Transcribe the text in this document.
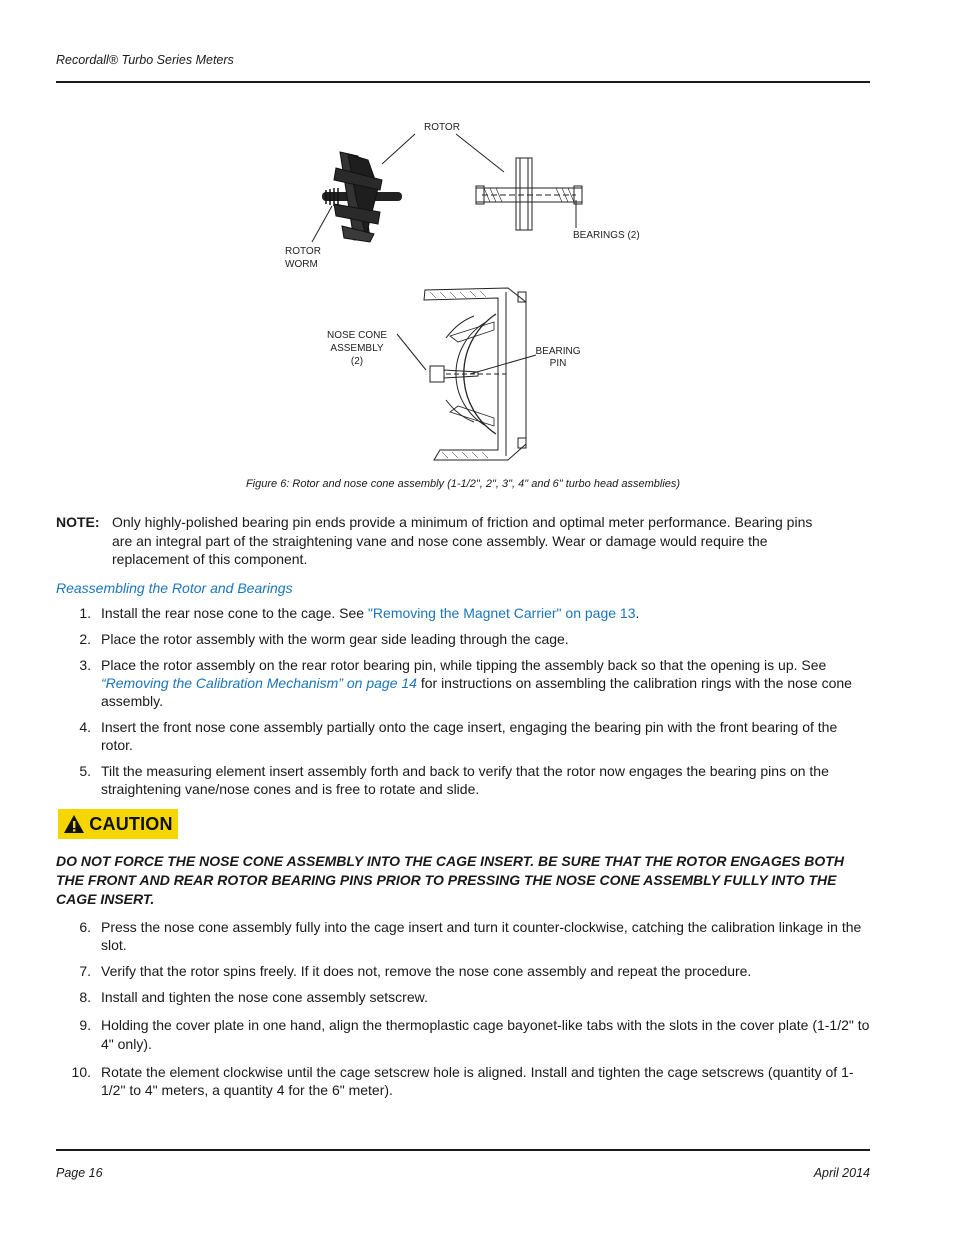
Recordall® Turbo Series Meters
ROTOR
BEARINGS (2)
ROTOR
WORM
NOSE CONE
ASSEMBLY
(2)
BEARING
PIN
Figure 6: Rotor and nose cone assembly (1-1/2", 2", 3", 4" and 6" turbo head assemblies)
NOTE: Only highly-polished bearing pin ends provide a minimum of friction and optimal meter performance. Bearing pins are an integral part of the straightening vane and nose cone assembly. Wear or damage would require the replacement of this component.
Reassembling the Rotor and Bearings
1. Install the rear nose cone to the cage. See "Removing the Magnet Carrier" on page 13.
2. Place the rotor assembly with the worm gear side leading through the cage.
3. Place the rotor assembly on the rear rotor bearing pin, while tipping the assembly back so that the opening is up. See “Removing the Calibration Mechanism” on page 14 for instructions on assembling the calibration rings with the nose cone assembly.
4. Insert the front nose cone assembly partially onto the cage insert, engaging the bearing pin with the front bearing of the rotor.
5. Tilt the measuring element insert assembly forth and back to verify that the rotor now engages the bearing pins on the straightening vane/nose cones and is free to rotate and slide.
CAUTION
DO NOT FORCE THE NOSE CONE ASSEMBLY INTO THE CAGE INSERT. BE SURE THAT THE ROTOR ENGAGES BOTH THE FRONT AND REAR ROTOR BEARING PINS PRIOR TO PRESSING THE NOSE CONE ASSEMBLY FULLY INTO THE CAGE INSERT.
6. Press the nose cone assembly fully into the cage insert and turn it counter-clockwise, catching the calibration linkage in the slot.
7. Verify that the rotor spins freely. If it does not, remove the nose cone assembly and repeat the procedure.
8. Install and tighten the nose cone assembly setscrew.
9. Holding the cover plate in one hand, align the thermoplastic cage bayonet-like tabs with the slots in the cover plate (1-1/2" to 4" only).
10. Rotate the element clockwise until the cage setscrew hole is aligned. Install and tighten the cage setscrews (quantity of 1-1/2" to 4" meters, a quantity 4 for the 6" meter).
Page 16	April 2014
